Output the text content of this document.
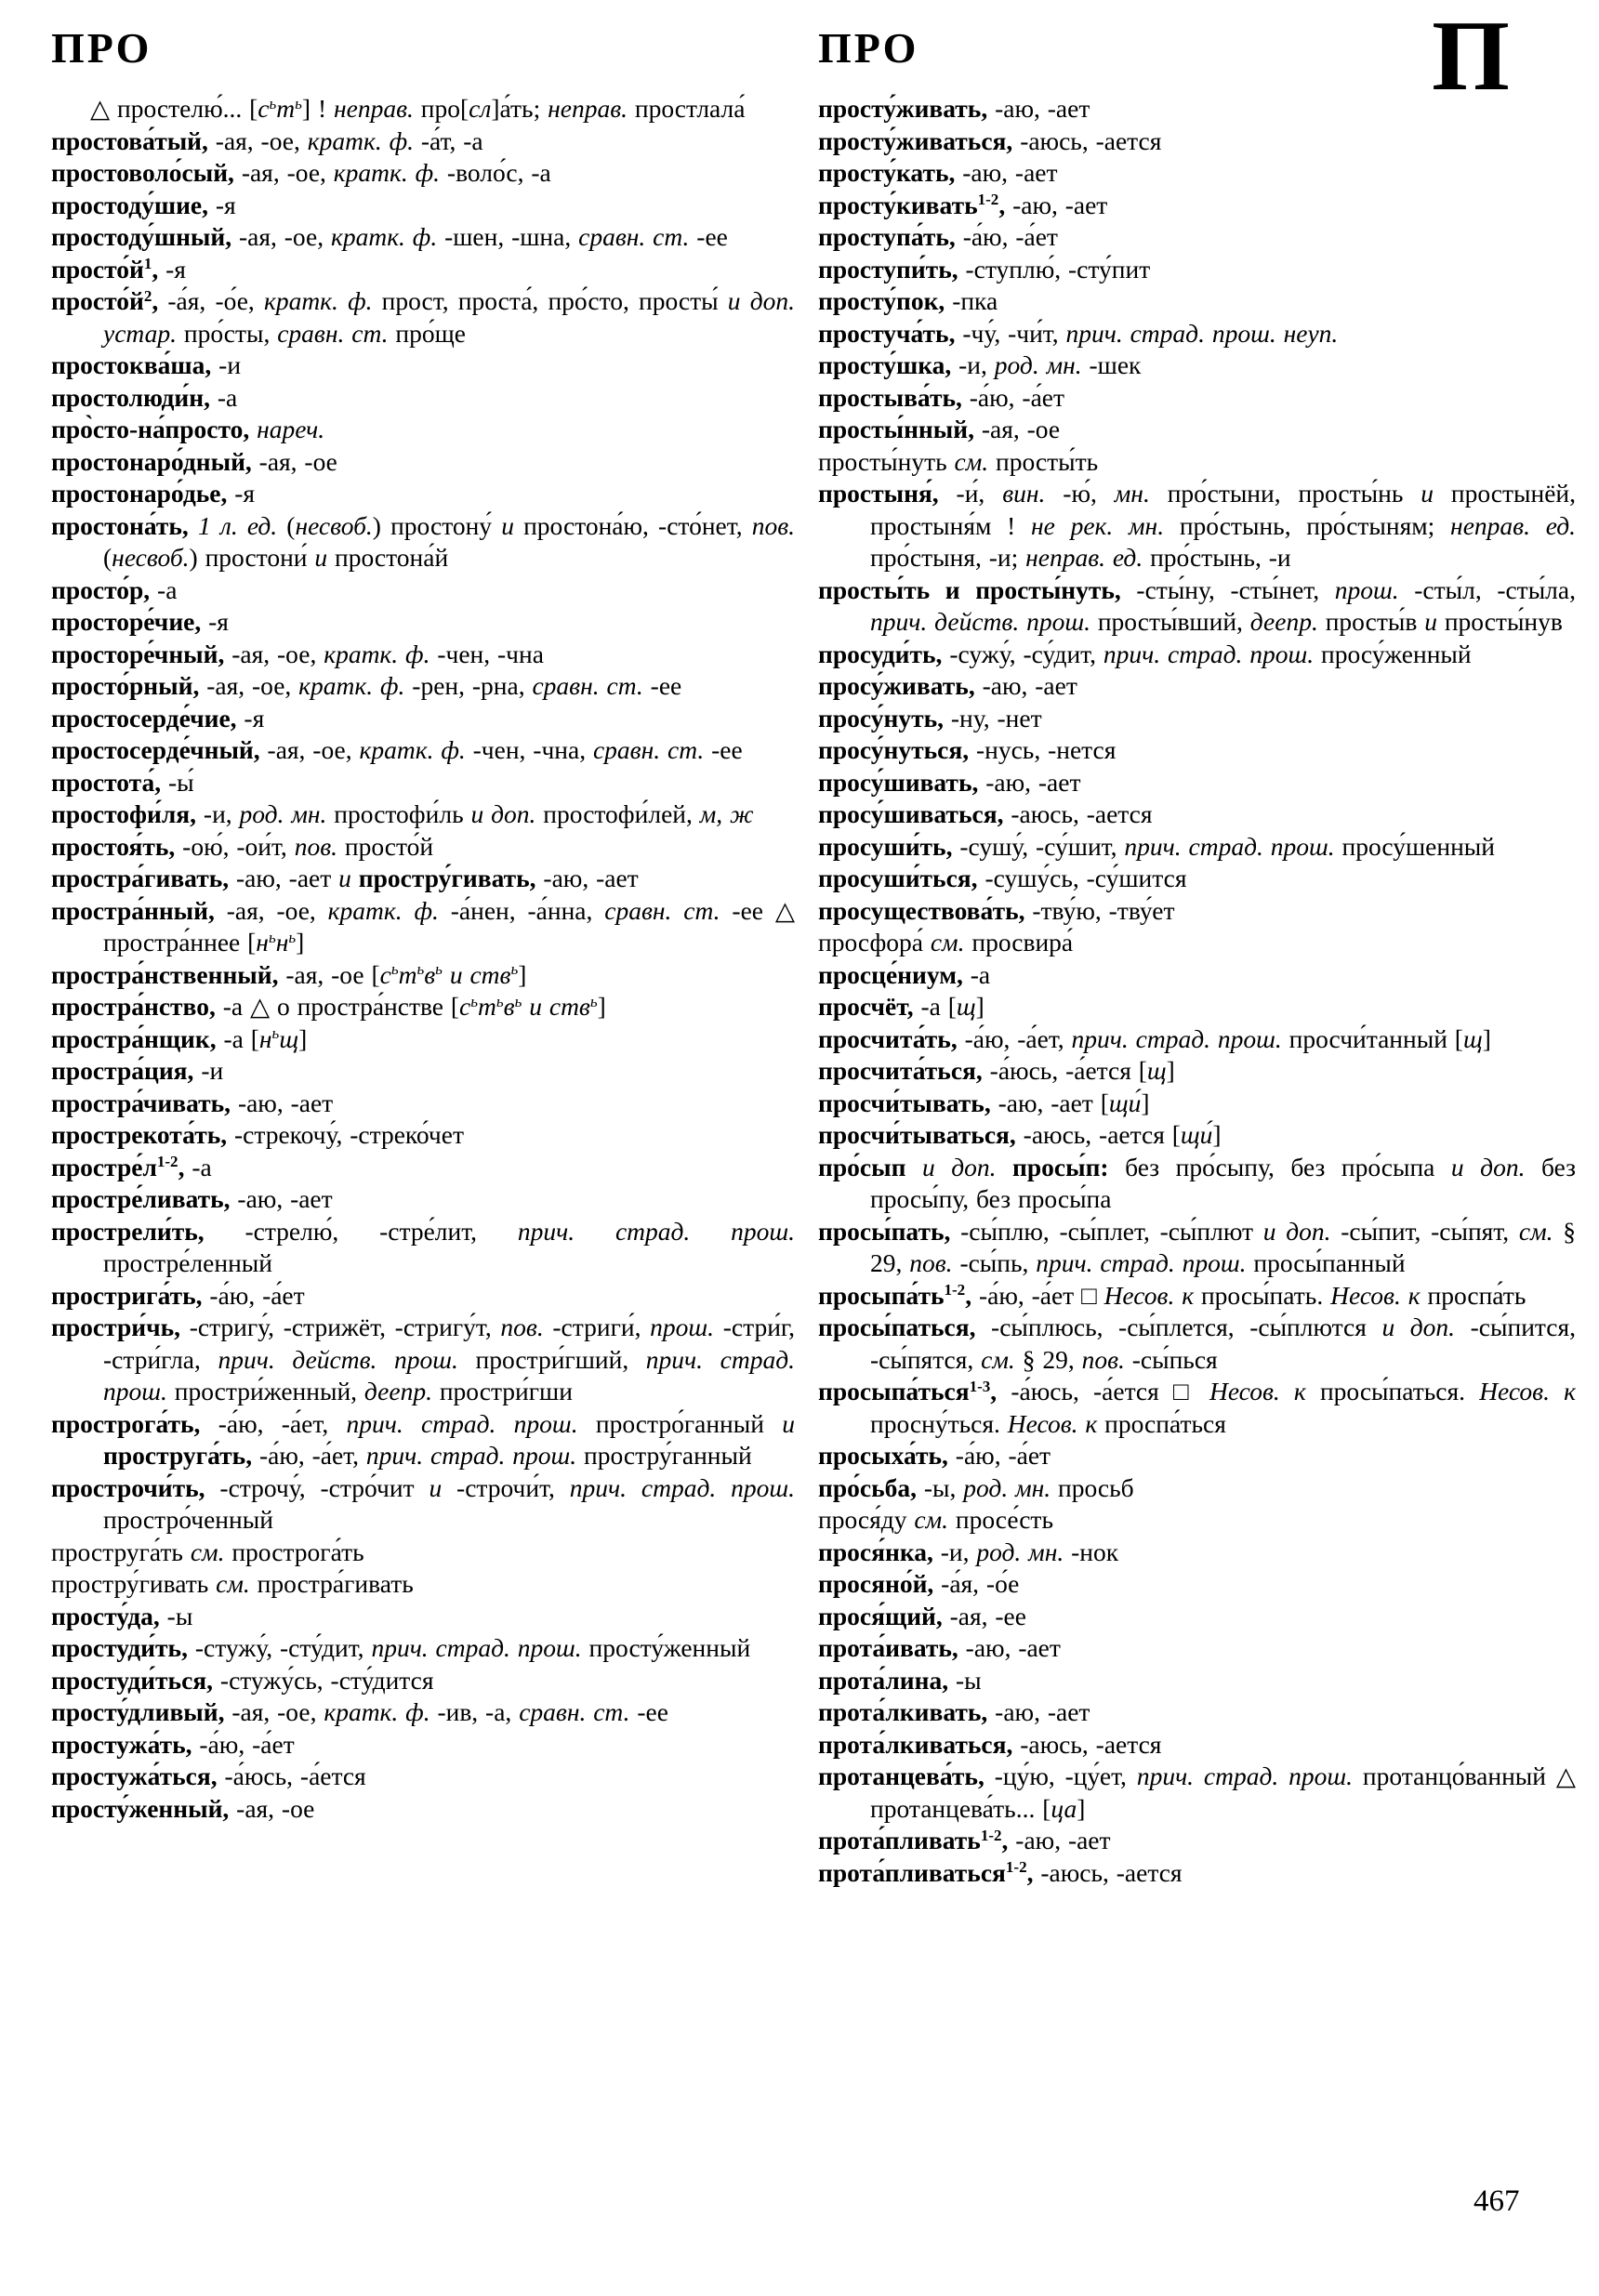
ПРО
△ простелю́... $[с^ьт^ь]$ ! неправ. про[сл]а́ть; неправ. простлала́
простова́тый, -ая, -ое, кратк. ф. -а́т, -а
простоволо́сый, -ая, -ое, кратк. ф. -воло́с, -а
простоду́шие, -я
простоду́шный, -ая, -ое, кратк. ф. -шен, -шна, сравн. ст. -ее
$просто́й^1$, -я
$просто́й^2$, -а́я, -о́е, кратк. ф. прост, проста́, про́сто, просты́ и доп. устар. про́сты, сравн. ст. про́ще
простоква́ша, -и
простолюди́н, -а
про̀сто-на́просто, нареч.
простонаро́дный, -ая, -ое
простонаро́дье, -я
простона́ть, 1 л. ед. (несвоб.) простону́ и простона́ю, -сто́нет, пов. (несвоб.) простони́ и простона́й
просто́р, -а
просторе́чие, -я
просторе́чный, -ая, -ое, кратк. ф. -чен, -чна
просто́рный, -ая, -ое, кратк. ф. -рен, -рна, сравн. ст. -ее
простосерде́чие, -я
простосерде́чный, -ая, -ое, кратк. ф. -чен, -чна, сравн. ст. -ее
простота́, -ы́
простофи́ля, -и, род. мн. простофи́ль и доп. простофи́лей, м, ж
простоя́ть, -ою́, -ои́т, пов. просто́й
простра́гивать, -аю, -ает и простру́гивать, -аю, -ает
простра́нный, -ая, -ое, кратк. ф. -а́нен, -а́нна, сравн. ст. -ее △ простра́ннее $[н^ьн^ь]$
простра́нственный, -ая, -ое [$с^ьт^ьв^ь$ и ств$^ь$]
простра́нство, -а △ о простра́нстве [$с^ьт^ьв^ь$ и ств$^ь$]
простра́нщик, -а $[н^ьщ]$
простра́ция, -и
простра́чивать, -аю, -ает
прострекота́ть, -стрекочу́, -стреко́чет
$простре́л^{1-2}$, -а
простре́ливать, -аю, -ает
прострели́ть, -стрелю́, -стре́лит, прич. страд. прош. простре́ленный
прострига́ть, -а́ю, -а́ет
простри́чь, -стригу́, -стрижёт, -стригу́т, пов. -стриги́, прош. -стри́г, -стри́гла, прич. действ. прош. простри́гший, прич. страд. прош. простри́женный, деепр. простри́гши
прострога́ть, -а́ю, -а́ет, прич. страд. прош. простро́ганный и проструга́ть, -а́ю, -а́ет, прич. страд. прош. простру́ганный
прострочи́ть, -строчу́, -стро́чит и -строчи́т, прич. страд. прош. простро́ченный
проструга́ть см. прострога́ть
простру́гивать см. простра́гивать
просту́да, -ы
простуди́ть, -стужу́, -сту́дит, прич. страд. прош. просту́женный
простуди́ться, -стужу́сь, -сту́дится
просту́дливый, -ая, -ое, кратк. ф. -ив, -а, сравн. ст. -ее
простужа́ть, -а́ю, -а́ет
простужа́ться, -а́юсь, -а́ется
просту́женный, -ая, -ое
ПРО
просту́живать, -аю, -ает
просту́живаться, -аюсь, -ается
просту́кать, -аю, -ает
просту́кивать$^{1-2}$, -аю, -ает
проступа́ть, -а́ю, -а́ет
проступи́ть, -ступлю́, -сту́пит
просту́пок, -пка
простуча́ть, -чу́, -чи́т, прич. страд. прош. неуп.
просту́шка, -и, род. мн. -шек
простыва́ть, -а́ю, -а́ет
просты́нный, -ая, -ое
просты́нуть см. просты́ть
простыня́, -и́, вин. -ю́, мн. про́стыни, просты́нь и простынёй, простыня́м ! не рек. мн. про́стынь, про́стыням; неправ. ед. про́стыня, -и; неправ. ед. про́стынь, -и
просты́ть и просты́нуть, -сты́ну, -сты́нет, прош. -сты́л, -сты́ла, прич. действ. прош. просты́вший, деепр. просты́в и просты́нув
просуди́ть, -сужу́, -су́дит, прич. страд. прош. просу́женный
просу́живать, -аю, -ает
просу́нуть, -ну, -нет
просу́нуться, -нусь, -нется
просу́шивать, -аю, -ает
просу́шиваться, -аюсь, -ается
просуши́ть, -сушу́, -су́шит, прич. страд. прош. просу́шенный
просуши́ться, -сушу́сь, -су́шится
просуществова́ть, -тву́ю, -тву́ет
просфора́ см. просвира́
просце́ниум, -а
просчёт, -а [щ]
просчита́ть, -а́ю, -а́ет, прич. страд. прош. просчи́танный [щ]
просчита́ться, -а́юсь, -а́ется [щ]
просчи́тывать, -аю, -ает [щи́]
просчи́тываться, -аюсь, -ается [щи́]
про́сып и доп. просы́п: без про́сыпу, без про́сыпа и доп. без просы́пу, без просы́па
просы́пать, -сы́плю, -сы́плет, -сы́плют и доп. -сы́пит, -сы́пят, см. § 29, пов. -сы́пь, прич. страд. прош. просы́панный
$просыпа́ть^{1-2}$, -а́ю, -а́ет □ Несов. к просы́пать. Несов. к проспа́ть
просы́паться, -сы́плюсь, -сы́плется, -сы́плются и доп. -сы́пится, -сы́пятся, см. § 29, пов. -сы́пься
просыпа́ться$^{1-3}$, -а́юсь, -а́ется □ Несов. к просы́паться. Несов. к просну́ться. Несов. к проспа́ться
просыха́ть, -а́ю, -а́ет
про́сьба, -ы, род. мн. просьб
прося́ду см. просе́сть
прося́нка, -и, род. мн. -нок
просяно́й, -а́я, -о́е
прося́щий, -ая, -ее
прота́ивать, -аю, -ает
прота́лина, -ы
прота́лкивать, -аю, -ает
прота́лкиваться, -аюсь, -ается
протанцева́ть, -цу́ю, -цу́ет, прич. страд. прош. протанцо́ванный △ протанцева́ть... [ца]
прота́пливать$^{1-2}$, -аю, -ает
прота́пливаться$^{1-2}$, -аюсь, -ается
П
467
